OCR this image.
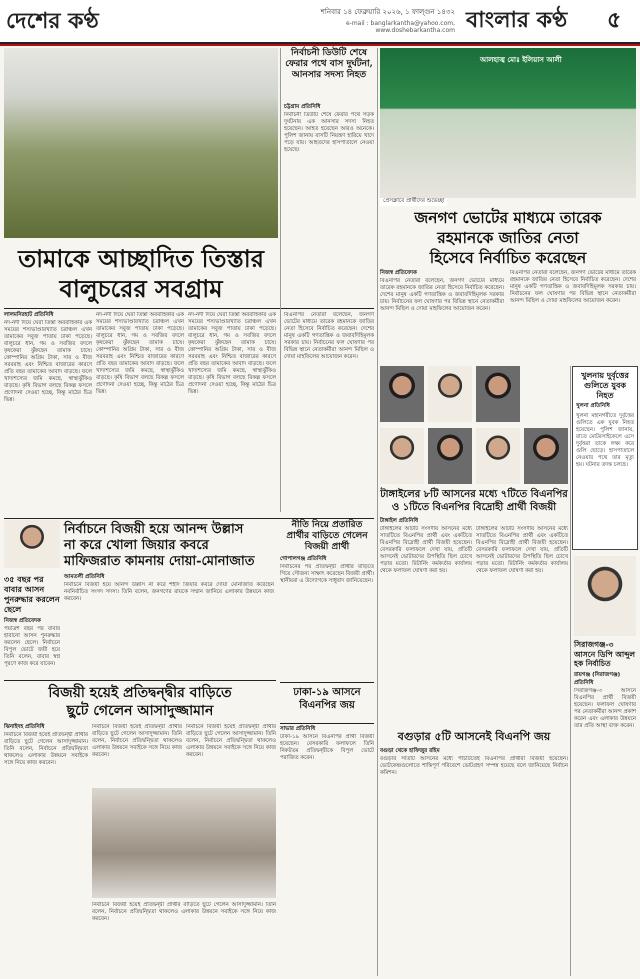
দেশের কণ্ঠ	শনিবার ১৪ ফেব্রুয়ারি ২০২৬, ১ ফাল্গুন ১৪৩২
e-mail : banglarkantha@yahoo.com, www.doshebarkantha.com বাংলার কণ্ঠ ৫
তামাকে আচ্ছাদিত তিস্তার
বালুচরের সবগ্রাম
লালমনিরহাট প্রতিনিধি
নদ-নদী দিয়ে ঘেরা তিস্তা অববাহিকার এক সময়ের শস্যভাণ্ডারখ্যাত চরাঞ্চল এখন তামাকের সবুজ পাতায় ঢাকা পড়েছে। বালুচরে ধান, গম ও সবজির বদলে কৃষকেরা ঝুঁকছেন তামাক চাষে। কোম্পানির অগ্রিম টাকা, সার ও বীজ সরবরাহ এবং নিশ্চিত বাজারের কারণে প্রতি বছর তামাকের আবাদ বাড়ছে। ফলে খাদ্যশস্যের জমি কমছে, স্বাস্থ্যঝুঁকিও বাড়ছে। কৃষি বিভাগ বলছে বিকল্প ফসলে প্রণোদনা দেওয়া হচ্ছে, কিন্তু মাঠের চিত্র ভিন্ন।
নদ-নদী দিয়ে ঘেরা তিস্তা অববাহিকার এক সময়ের শস্যভাণ্ডারখ্যাত চরাঞ্চল এখন তামাকের সবুজ পাতায় ঢাকা পড়েছে। বালুচরে ধান, গম ও সবজির বদলে কৃষকেরা ঝুঁকছেন তামাক চাষে। কোম্পানির অগ্রিম টাকা, সার ও বীজ সরবরাহ এবং নিশ্চিত বাজারের কারণে প্রতি বছর তামাকের আবাদ বাড়ছে। ফলে খাদ্যশস্যের জমি কমছে, স্বাস্থ্যঝুঁকিও বাড়ছে। কৃষি বিভাগ বলছে বিকল্প ফসলে প্রণোদনা দেওয়া হচ্ছে, কিন্তু মাঠের চিত্র ভিন্ন।
নদ-নদী দিয়ে ঘেরা তিস্তা অববাহিকার এক সময়ের শস্যভাণ্ডারখ্যাত চরাঞ্চল এখন তামাকের সবুজ পাতায় ঢাকা পড়েছে। বালুচরে ধান, গম ও সবজির বদলে কৃষকেরা ঝুঁকছেন তামাক চাষে। কোম্পানির অগ্রিম টাকা, সার ও বীজ সরবরাহ এবং নিশ্চিত বাজারের কারণে প্রতি বছর তামাকের আবাদ বাড়ছে। ফলে খাদ্যশস্যের জমি কমছে, স্বাস্থ্যঝুঁকিও বাড়ছে। কৃষি বিভাগ বলছে বিকল্প ফসলে প্রণোদনা দেওয়া হচ্ছে, কিন্তু মাঠের চিত্র ভিন্ন।
নির্বাচনী ডিউটি শেষে ফেরার পথে বাস দুর্ঘটনা, আনসার সদস্য নিহত
চট্টগ্রাম প্রতিনিধি
নির্বাচনী ডিউটি শেষে ফেরার পথে সড়ক দুর্ঘটনায় এক আনসার সদস্য নিহত হয়েছেন। আহত হয়েছেন আরও অনেকে। পুলিশ জানায় বাসটি নিয়ন্ত্রণ হারিয়ে খাদে পড়ে যায়। আহতদের হাসপাতালে নেওয়া হয়েছে।
বিএনপির নেতারা বলেছেন, জনগণ ভোটের মাধ্যমে তারেক রহমানকে জাতির নেতা হিসেবে নির্বাচিত করেছেন। দেশের মানুষ একটি গণতান্ত্রিক ও জবাবদিহিমূলক সরকার চায়। নির্বাচনের ফল ঘোষণার পর বিভিন্ন স্থানে নেতাকর্মীরা আনন্দ মিছিল ও দোয়া মাহফিলের আয়োজন করেন।
আলহাজ্ব মোঃ ইলিয়াস আলী
প্রেসক্লাবে প্রার্থীদের শুভেচ্ছা
জনগণ ভোটের মাধ্যমে তারেক
রহমানকে জাতির নেতা
হিসেবে নির্বাচিত করেছেন
নিজস্ব প্রতিবেদক
বিএনপির নেতারা বলেছেন, জনগণ ভোটের মাধ্যমে তারেক রহমানকে জাতির নেতা হিসেবে নির্বাচিত করেছেন। দেশের মানুষ একটি গণতান্ত্রিক ও জবাবদিহিমূলক সরকার চায়। নির্বাচনের ফল ঘোষণার পর বিভিন্ন স্থানে নেতাকর্মীরা আনন্দ মিছিল ও দোয়া মাহফিলের আয়োজন করেন।
বিএনপির নেতারা বলেছেন, জনগণ ভোটের মাধ্যমে তারেক রহমানকে জাতির নেতা হিসেবে নির্বাচিত করেছেন। দেশের মানুষ একটি গণতান্ত্রিক ও জবাবদিহিমূলক সরকার চায়। নির্বাচনের ফল ঘোষণার পর বিভিন্ন স্থানে নেতাকর্মীরা আনন্দ মিছিল ও দোয়া মাহফিলের আয়োজন করেন।
খুলনায় দুর্বৃত্তের গুলিতে যুবক নিহত
খুলনা প্রতিনিধি
খুলনা মহানগরীতে দুর্বৃত্তের গুলিতে এক যুবক নিহত হয়েছেন। পুলিশ জানায়, রাতে মোটরসাইকেলে এসে দুর্বৃত্তরা তাকে লক্ষ্য করে গুলি ছোড়ে। হাসপাতালে নেওয়ার পথে তার মৃত্যু হয়। ঘটনার তদন্ত চলছে।
টাঙ্গাইলের ৮টি আসনের মধ্যে ৭টিতে বিএনপির
ও ১টিতে বিএনপির বিদ্রোহী প্রার্থী বিজয়ী
নির্বাচনে বিজয়ী হয়ে আনন্দ উল্লাস
না করে খোলা জিয়ার কবরে
মাফিজরাত কামনায় দোয়া-মোনাজাত
আমতলী প্রতিনিধি
নির্বাচনে বিজয়ী হয়ে আনন্দ উল্লাস না করে শহীদ জিয়ার কবরে দোয়া মোনাজাত করেছেন নবনির্বাচিত সংসদ সদস্য। তিনি বলেন, জনগণের রায়কে সম্মান জানিয়ে এলাকার উন্নয়নে কাজ করবেন।
৩৫ বছর পর বাবার আসন পুনরুদ্ধার করলেন ছেলে
নিজস্ব প্রতিবেদক
পঁয়ত্রিশ বছর পর বাবার হারানো আসন পুনরুদ্ধার করলেন ছেলে। নির্বাচনে বিপুল ভোটে জয়ী হয়ে তিনি বলেন, বাবার স্বপ্ন পূরণে কাজ করে যাবেন।
নীতি নিয়ে প্রতারিত প্রার্থীর বাড়িতে গেলেন বিজয়ী প্রার্থী
গোপালগঞ্জ প্রতিনিধি
নির্বাচনের পর প্রতিদ্বন্দ্বী প্রার্থীর বাড়িতে গিয়ে সৌজন্য সাক্ষাৎ করেছেন বিজয়ী প্রার্থী। স্থানীয়রা এ উদ্যোগকে সাধুবাদ জানিয়েছেন।
টাঙ্গাইল প্রতিনিধি
টাঙ্গাইলের আটটি সংসদীয় আসনের মধ্যে সাতটিতে বিএনপির প্রার্থী এবং একটিতে বিএনপির বিদ্রোহী প্রার্থী বিজয়ী হয়েছেন। বেসরকারি ফলাফলে দেখা যায়, প্রতিটি আসনেই ভোটারদের উপস্থিতি ছিল চোখে পড়ার মতো। রিটার্নিং কর্মকর্তার কার্যালয় থেকে ফলাফল ঘোষণা করা হয়।
টাঙ্গাইলের আটটি সংসদীয় আসনের মধ্যে সাতটিতে বিএনপির প্রার্থী এবং একটিতে বিএনপির বিদ্রোহী প্রার্থী বিজয়ী হয়েছেন। বেসরকারি ফলাফলে দেখা যায়, প্রতিটি আসনেই ভোটারদের উপস্থিতি ছিল চোখে পড়ার মতো। রিটার্নিং কর্মকর্তার কার্যালয় থেকে ফলাফল ঘোষণা করা হয়।
ঢাকা-১৯ আসনে বিএনপির জয়
সাভার প্রতিনিধি
ঢাকা-১৯ আসনে বিএনপির প্রার্থী বিজয়ী হয়েছেন। বেসরকারি ফলাফলে তিনি নিকটতম প্রতিদ্বন্দ্বীকে বিপুল ভোটে পরাজিত করেন।
বগুড়ার ৫টি আসনেই বিএনপি জয়
বগুড়া থেকে হাফিজুর রহিম
বগুড়ার সাতটি আসনের মধ্যে পাঁচটিতেই বিএনপির প্রার্থীরা বিজয়ী হয়েছেন। ভোটকেন্দ্রগুলোতে শান্তিপূর্ণ পরিবেশে ভোটগ্রহণ সম্পন্ন হয়েছে বলে জানিয়েছে নির্বাচন কমিশন।
সিরাজগঞ্জ-৩ আসনে ডিপি আব্দুল হক নির্বাচিত
রায়গঞ্জ (সিরাজগঞ্জ) প্রতিনিধি
সিরাজগঞ্জ-৩ আসনে বিএনপির প্রার্থী বিজয়ী হয়েছেন। ফলাফল ঘোষণার পর নেতাকর্মীরা আনন্দ প্রকাশ করেন এবং এলাকার উন্নয়নে তার প্রতি আস্থা ব্যক্ত করেন।
বিজয়ী হয়েই প্রতিদ্বন্দ্বীর বাড়িতে
ছুটে গেলেন আসাদুজ্জামান
ঝিনাইদহ প্রতিনিধি
নির্বাচনে বিজয়ী হয়েই প্রতিদ্বন্দ্বী প্রার্থীর বাড়িতে ছুটে গেলেন আসাদুজ্জামান। তিনি বলেন, নির্বাচনে প্রতিদ্বন্দ্বিতা থাকলেও এলাকার উন্নয়নে সবাইকে সঙ্গে নিয়ে কাজ করবেন।
নির্বাচনে বিজয়ী হয়েই প্রতিদ্বন্দ্বী প্রার্থীর বাড়িতে ছুটে গেলেন আসাদুজ্জামান। তিনি বলেন, নির্বাচনে প্রতিদ্বন্দ্বিতা থাকলেও এলাকার উন্নয়নে সবাইকে সঙ্গে নিয়ে কাজ করবেন।
নির্বাচনে বিজয়ী হয়েই প্রতিদ্বন্দ্বী প্রার্থীর বাড়িতে ছুটে গেলেন আসাদুজ্জামান। তিনি বলেন, নির্বাচনে প্রতিদ্বন্দ্বিতা থাকলেও এলাকার উন্নয়নে সবাইকে সঙ্গে নিয়ে কাজ করবেন।
নির্বাচনে বিজয়ী হয়েই প্রতিদ্বন্দ্বী প্রার্থীর বাড়িতে ছুটে গেলেন আসাদুজ্জামান। তিনি বলেন, নির্বাচনে প্রতিদ্বন্দ্বিতা থাকলেও এলাকার উন্নয়নে সবাইকে সঙ্গে নিয়ে কাজ করবেন।
